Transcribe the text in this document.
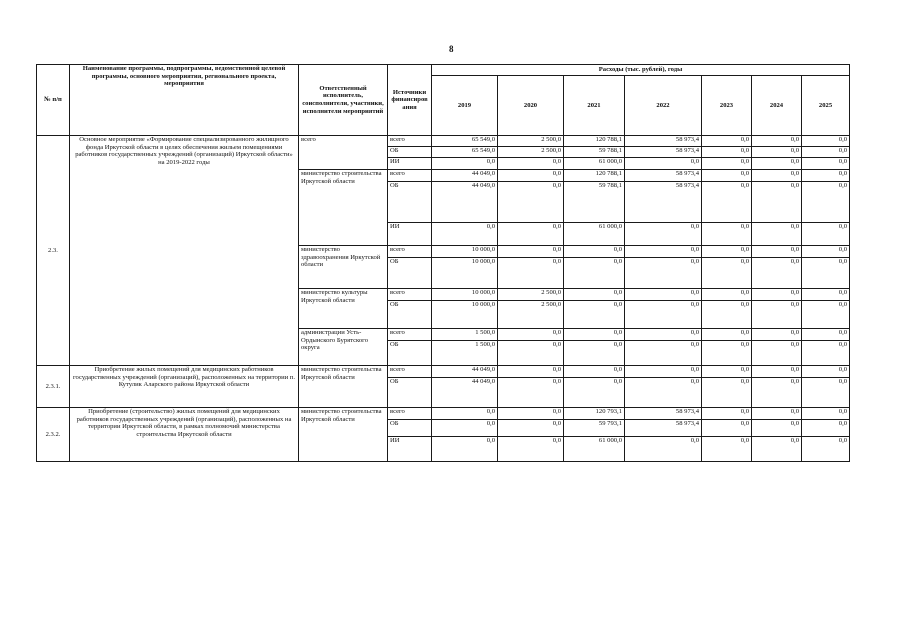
8
№ п/п	Наименование программы, подпрограммы, ведомственной целевой программы, основного мероприятия, регионального проекта, мероприятия	Ответственный исполнитель, соисполнители, участники, исполнители мероприятий	Источники финансиров ания	Расходы (тыс. рублей), годы						
				2019	2020	2021	2022	2023	2024	2025
2.3.	Основное мероприятие «Формирование специализированного жилищного фонда Иркутской области в целях обеспечения жильем помещениями работников государственных учреждений (организаций) Иркутской области» на 2019-2022 годы	всего	всего	65 549,0	2 500,0	120 788,1	58 973,4	0,0	0,0	0,0
			ОБ	65 549,0	2 500,0	59 788,1	58 973,4	0,0	0,0	0,0
			ИИ	0,0	0,0	61 000,0	0,0	0,0	0,0	0,0
		министерство строительства Иркутской области	всего	44 049,0	0,0	120 788,1	58 973,4	0,0	0,0	0,0
			ОБ	44 049,0	0,0	59 788,1	58 973,4	0,0	0,0	0,0
			ИИ	0,0	0,0	61 000,0	0,0	0,0	0,0	0,0
		министерство здравоохранения Иркутской области	всего	10 000,0	0,0	0,0	0,0	0,0	0,0	0,0
			ОБ	10 000,0	0,0	0,0	0,0	0,0	0,0	0,0
		министерство культуры Иркутской области	всего	10 000,0	2 500,0	0,0	0,0	0,0	0,0	0,0
			ОБ	10 000,0	2 500,0	0,0	0,0	0,0	0,0	0,0
		администрации Усть-Ордынского Бурятского округа	всего	1 500,0	0,0	0,0	0,0	0,0	0,0	0,0
			ОБ	1 500,0	0,0	0,0	0,0	0,0	0,0	0,0
2.3.1.	Приобретение жилых помещений для медицинских работников государственных учреждений (организаций), расположенных на территории п. Кутулик Аларского района Иркутской области	министерство строительства Иркутской области	всего	44 049,0	0,0	0,0	0,0	0,0	0,0	0,0
			ОБ	44 049,0	0,0	0,0	0,0	0,0	0,0	0,0
2.3.2.	Приобретение (строительство) жилых помещений для медицинских работников государственных учреждений (организаций), расположенных на территории Иркутской области, в рамках полномочий министерства строительства Иркутской области	министерство строительства Иркутской области	всего	0,0	0,0	120 793,1	58 973,4	0,0	0,0	0,0
			ОБ	0,0	0,0	59 793,1	58 973,4	0,0	0,0	0,0
			ИИ	0,0	0,0	61 000,0	0,0	0,0	0,0	0,0
